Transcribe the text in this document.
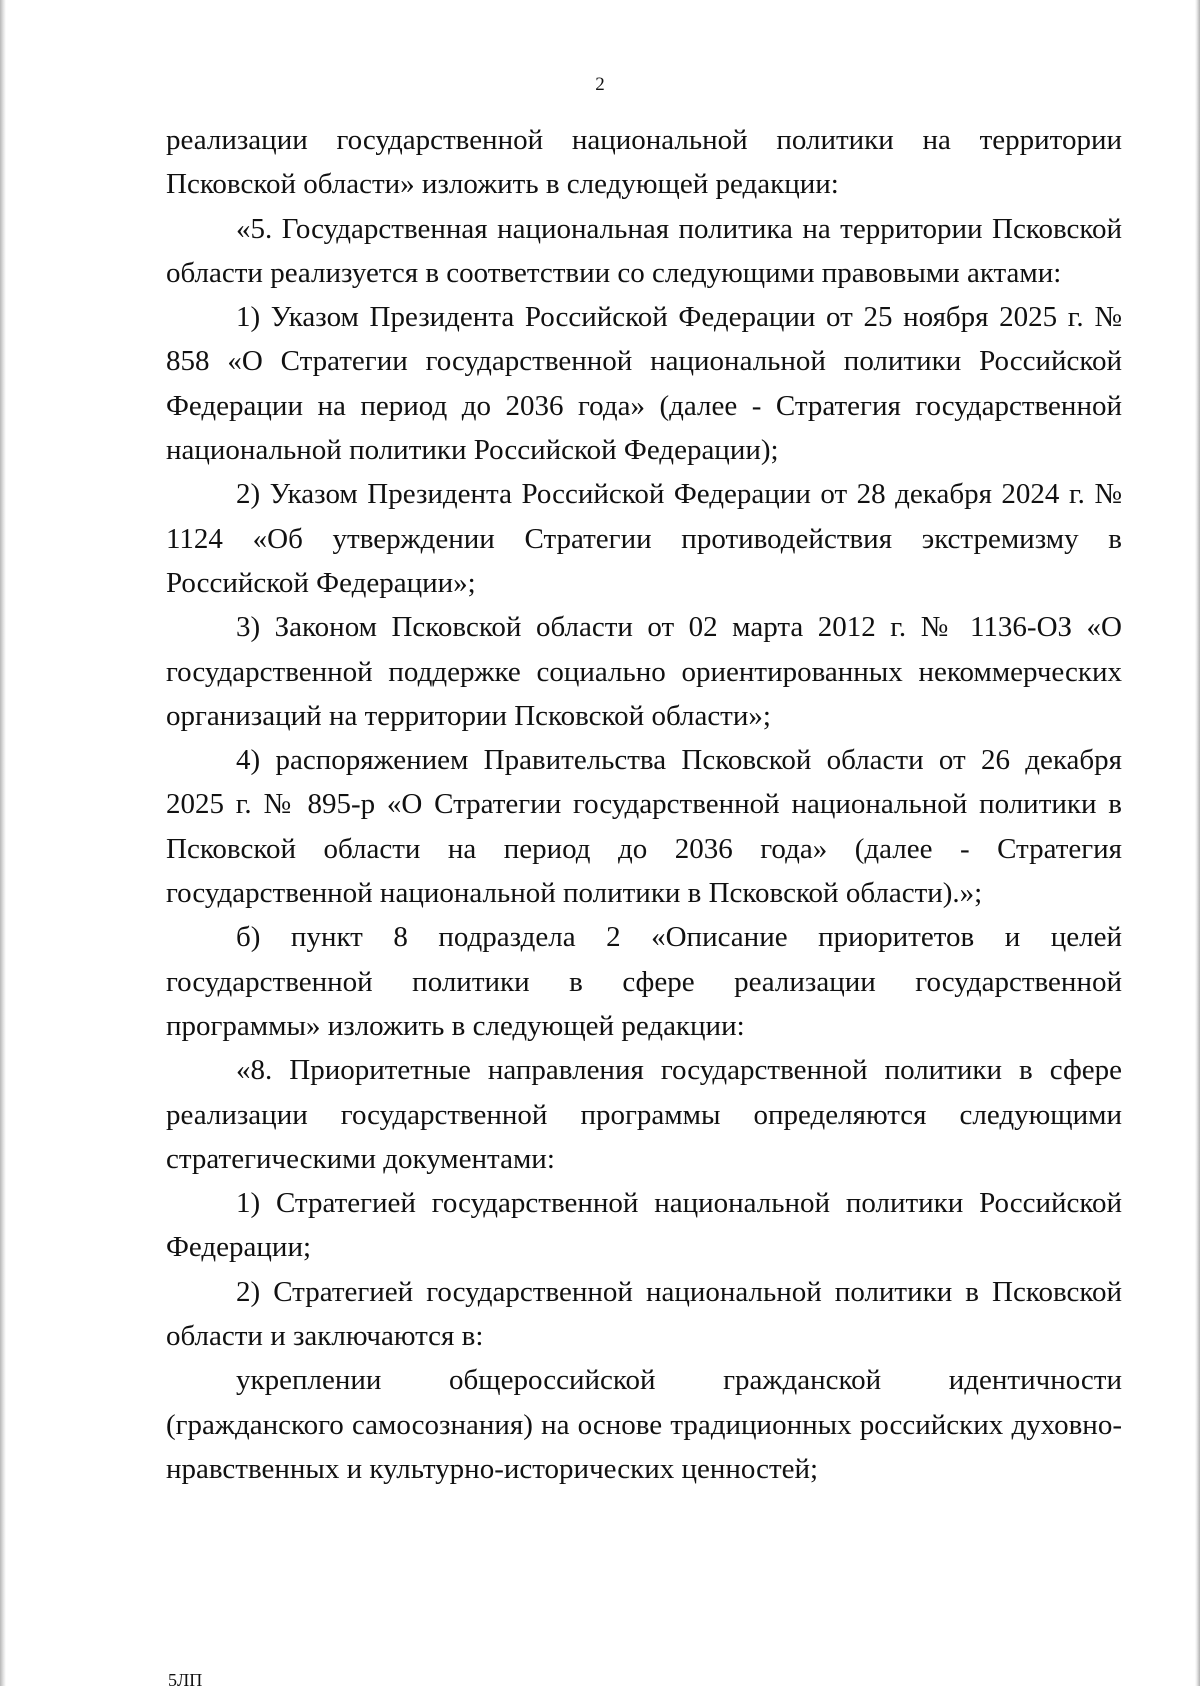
2

реализации государственной национальной политики на территории Псковской области» изложить в следующей редакции:

«5. Государственная национальная политика на территории Псковской области реализуется в соответствии со следующими правовыми актами:

1) Указом Президента Российской Федерации от 25 ноября 2025 г. № 858 «О Стратегии государственной национальной политики Российской Федерации на период до 2036 года» (далее - Стратегия государственной национальной политики Российской Федерации);

2) Указом Президента Российской Федерации от 28 декабря 2024 г. № 1124 «Об утверждении Стратегии противодействия экстремизму в Российской Федерации»;

3) Законом Псковской области от 02 марта 2012 г. № 1136-ОЗ «О государственной поддержке социально ориентированных некоммерческих организаций на территории Псковской области»;

4) распоряжением Правительства Псковской области от 26 декабря 2025 г. № 895-р «О Стратегии государственной национальной политики в Псковской области на период до 2036 года» (далее - Стратегия государственной национальной политики в Псковской области).»;

б) пункт 8 подраздела 2 «Описание приоритетов и целей государственной политики в сфере реализации государственной программы» изложить в следующей редакции:

«8. Приоритетные направления государственной политики в сфере реализации государственной программы определяются следующими стратегическими документами:

1) Стратегией государственной национальной политики Российской Федерации;

2) Стратегией государственной национальной политики в Псковской области и заключаются в:

укреплении общероссийской гражданской идентичности (гражданского самосознания) на основе традиционных российских духовно-нравственных и культурно-исторических ценностей;

5ЛП
